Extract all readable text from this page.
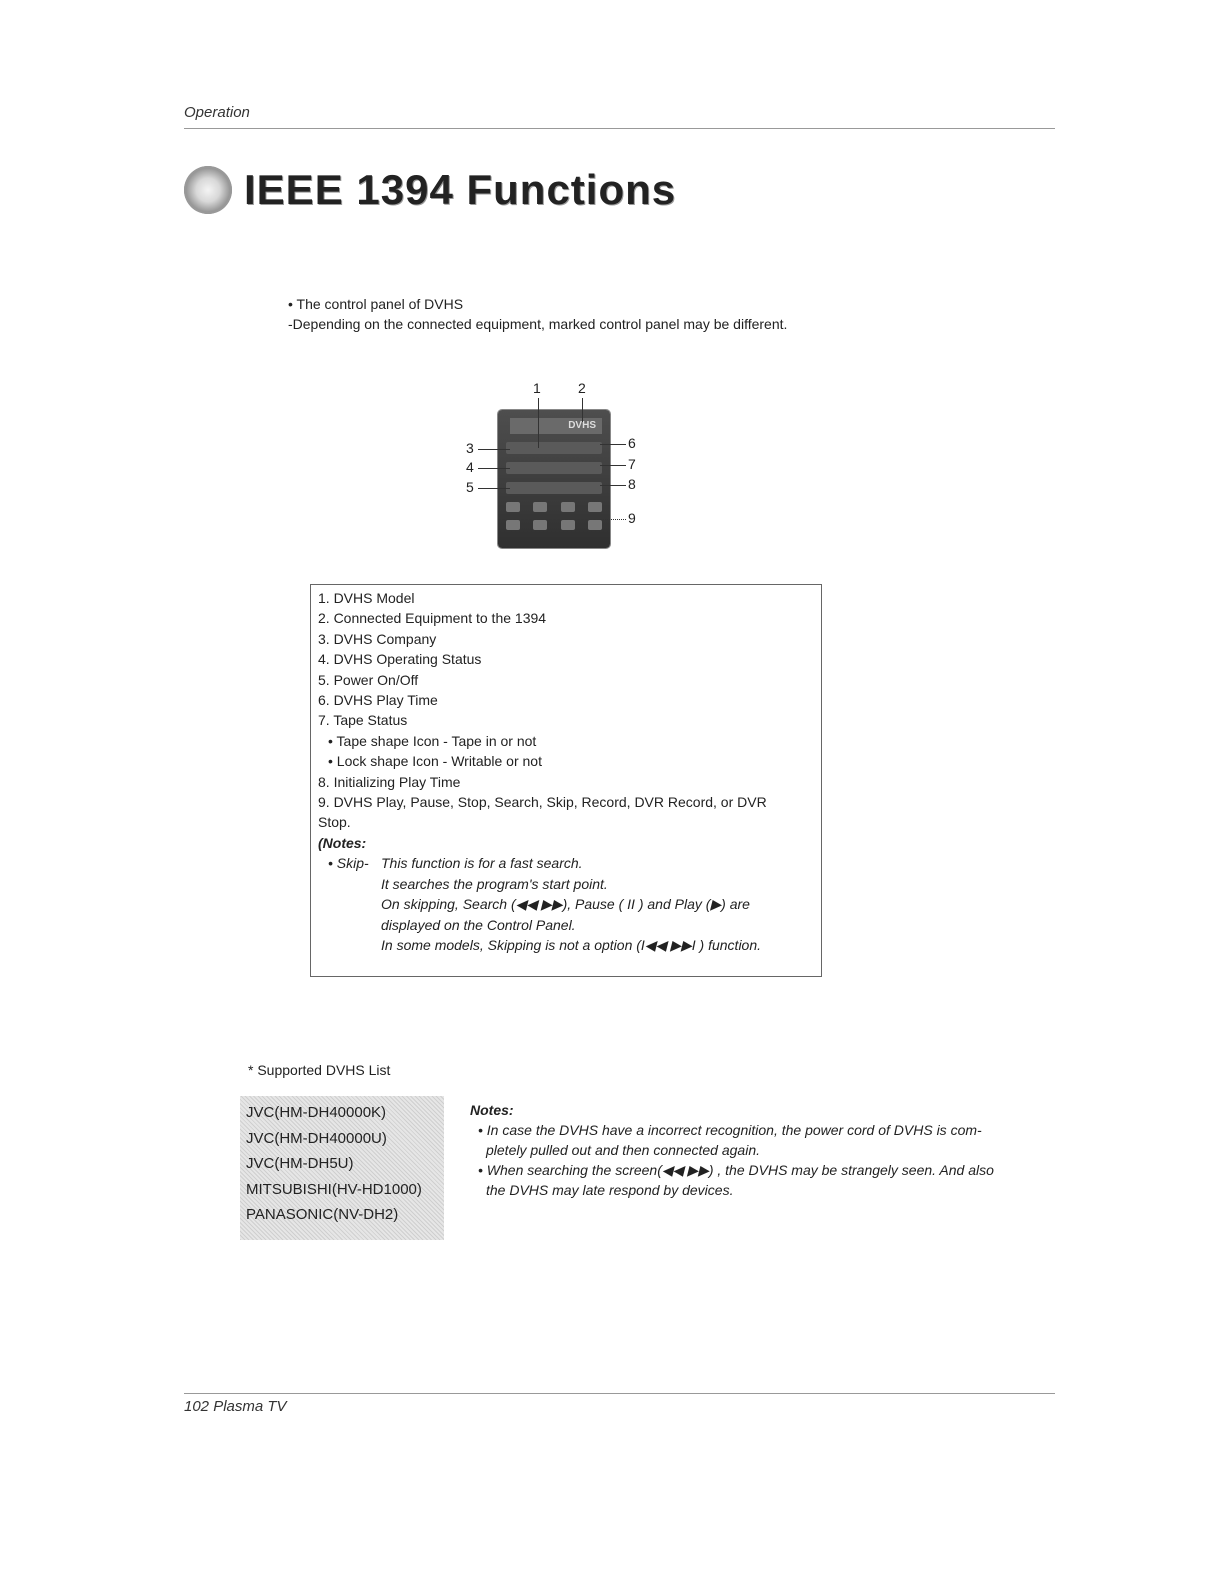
Operation
IEEE 1394 Functions
• The control panel of DVHS
-Depending on the connected equipment, marked control panel may be different.
1	2
3
4
5
6
7
8
9
DVHS
1. DVHS Model
2. Connected Equipment to the 1394
3. DVHS Company
4. DVHS Operating Status
5. Power On/Off
6. DVHS Play Time
7. Tape Status
• Tape shape Icon - Tape in or not
• Lock shape Icon - Writable or not
8. Initializing Play Time
9. DVHS Play, Pause, Stop, Search, Skip, Record, DVR Record, or DVR
Stop.
(Notes:
• Skip- This function is for a fast search.
It searches the program's start point.
On skipping, Search (◀◀ ▶▶), Pause ( II ) and Play (▶) are
displayed on the Control Panel.
In some models, Skipping is not a option (I◀◀ ▶▶I ) function.
* Supported DVHS List
JVC(HM-DH40000K)
JVC(HM-DH40000U)
JVC(HM-DH5U)
MITSUBISHI(HV-HD1000)
PANASONIC(NV-DH2)
Notes:
• In case the DVHS have a incorrect recognition, the power cord of DVHS is com-
pletely pulled out and then connected again.
• When searching the screen(◀◀ ▶▶) , the DVHS may be strangely seen. And also
the DVHS may late respond by devices.
102 Plasma TV
